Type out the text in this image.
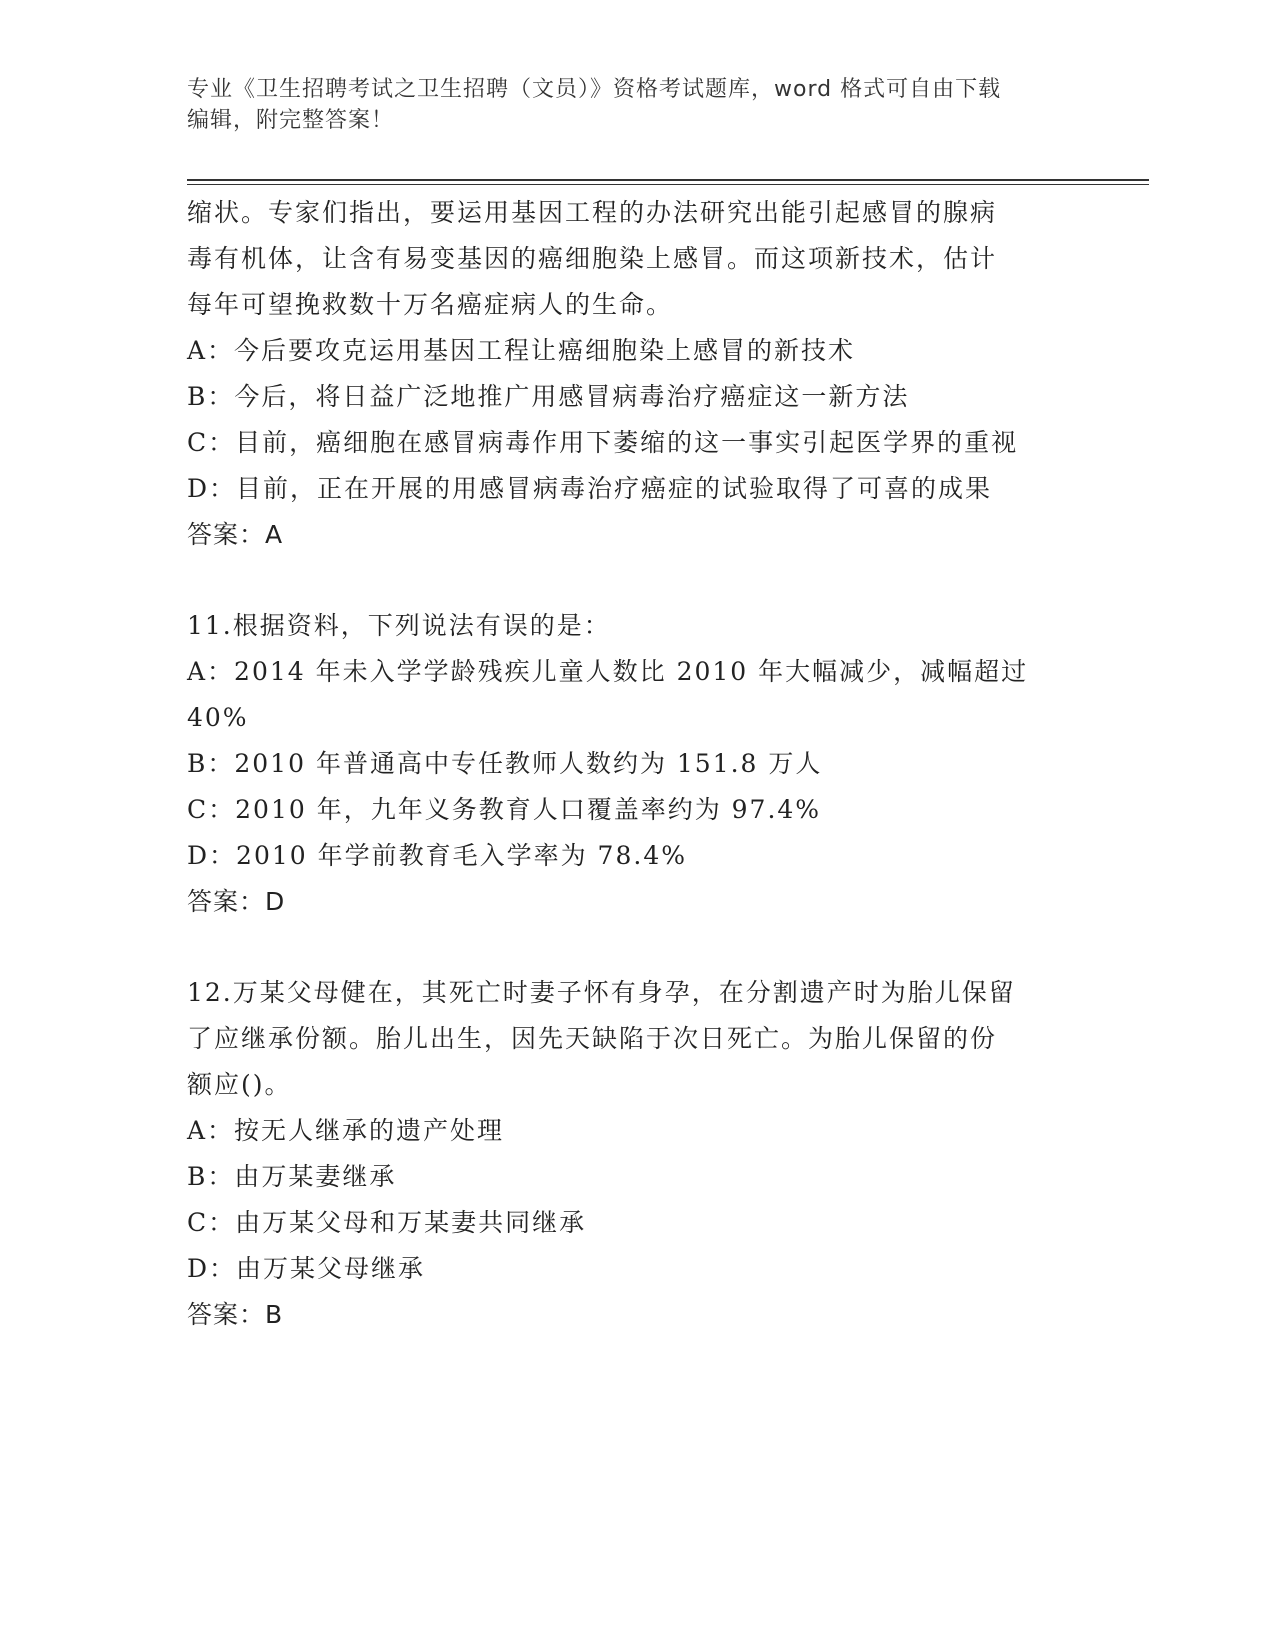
专业《卫生招聘考试之卫生招聘（文员）》资格考试题库，word 格式可自由下载
编辑，附完整答案！
缩状。专家们指出，要运用基因工程的办法研究出能引起感冒的腺病
毒有机体，让含有易变基因的癌细胞染上感冒。而这项新技术，估计
每年可望挽救数十万名癌症病人的生命。
A：今后要攻克运用基因工程让癌细胞染上感冒的新技术
B：今后，将日益广泛地推广用感冒病毒治疗癌症这一新方法
C：目前，癌细胞在感冒病毒作用下萎缩的这一事实引起医学界的重视
D：目前，正在开展的用感冒病毒治疗癌症的试验取得了可喜的成果
答案：A
11.根据资料，下列说法有误的是：
A：2014 年未入学学龄残疾儿童人数比 2010 年大幅减少，减幅超过
40%
B：2010 年普通高中专任教师人数约为 151.8 万人
C：2010 年，九年义务教育人口覆盖率约为 97.4%
D：2010 年学前教育毛入学率为 78.4%
答案：D
12.万某父母健在，其死亡时妻子怀有身孕，在分割遗产时为胎儿保留
了应继承份额。胎儿出生，因先天缺陷于次日死亡。为胎儿保留的份
额应()。
A：按无人继承的遗产处理
B：由万某妻继承
C：由万某父母和万某妻共同继承
D：由万某父母继承
答案：B
